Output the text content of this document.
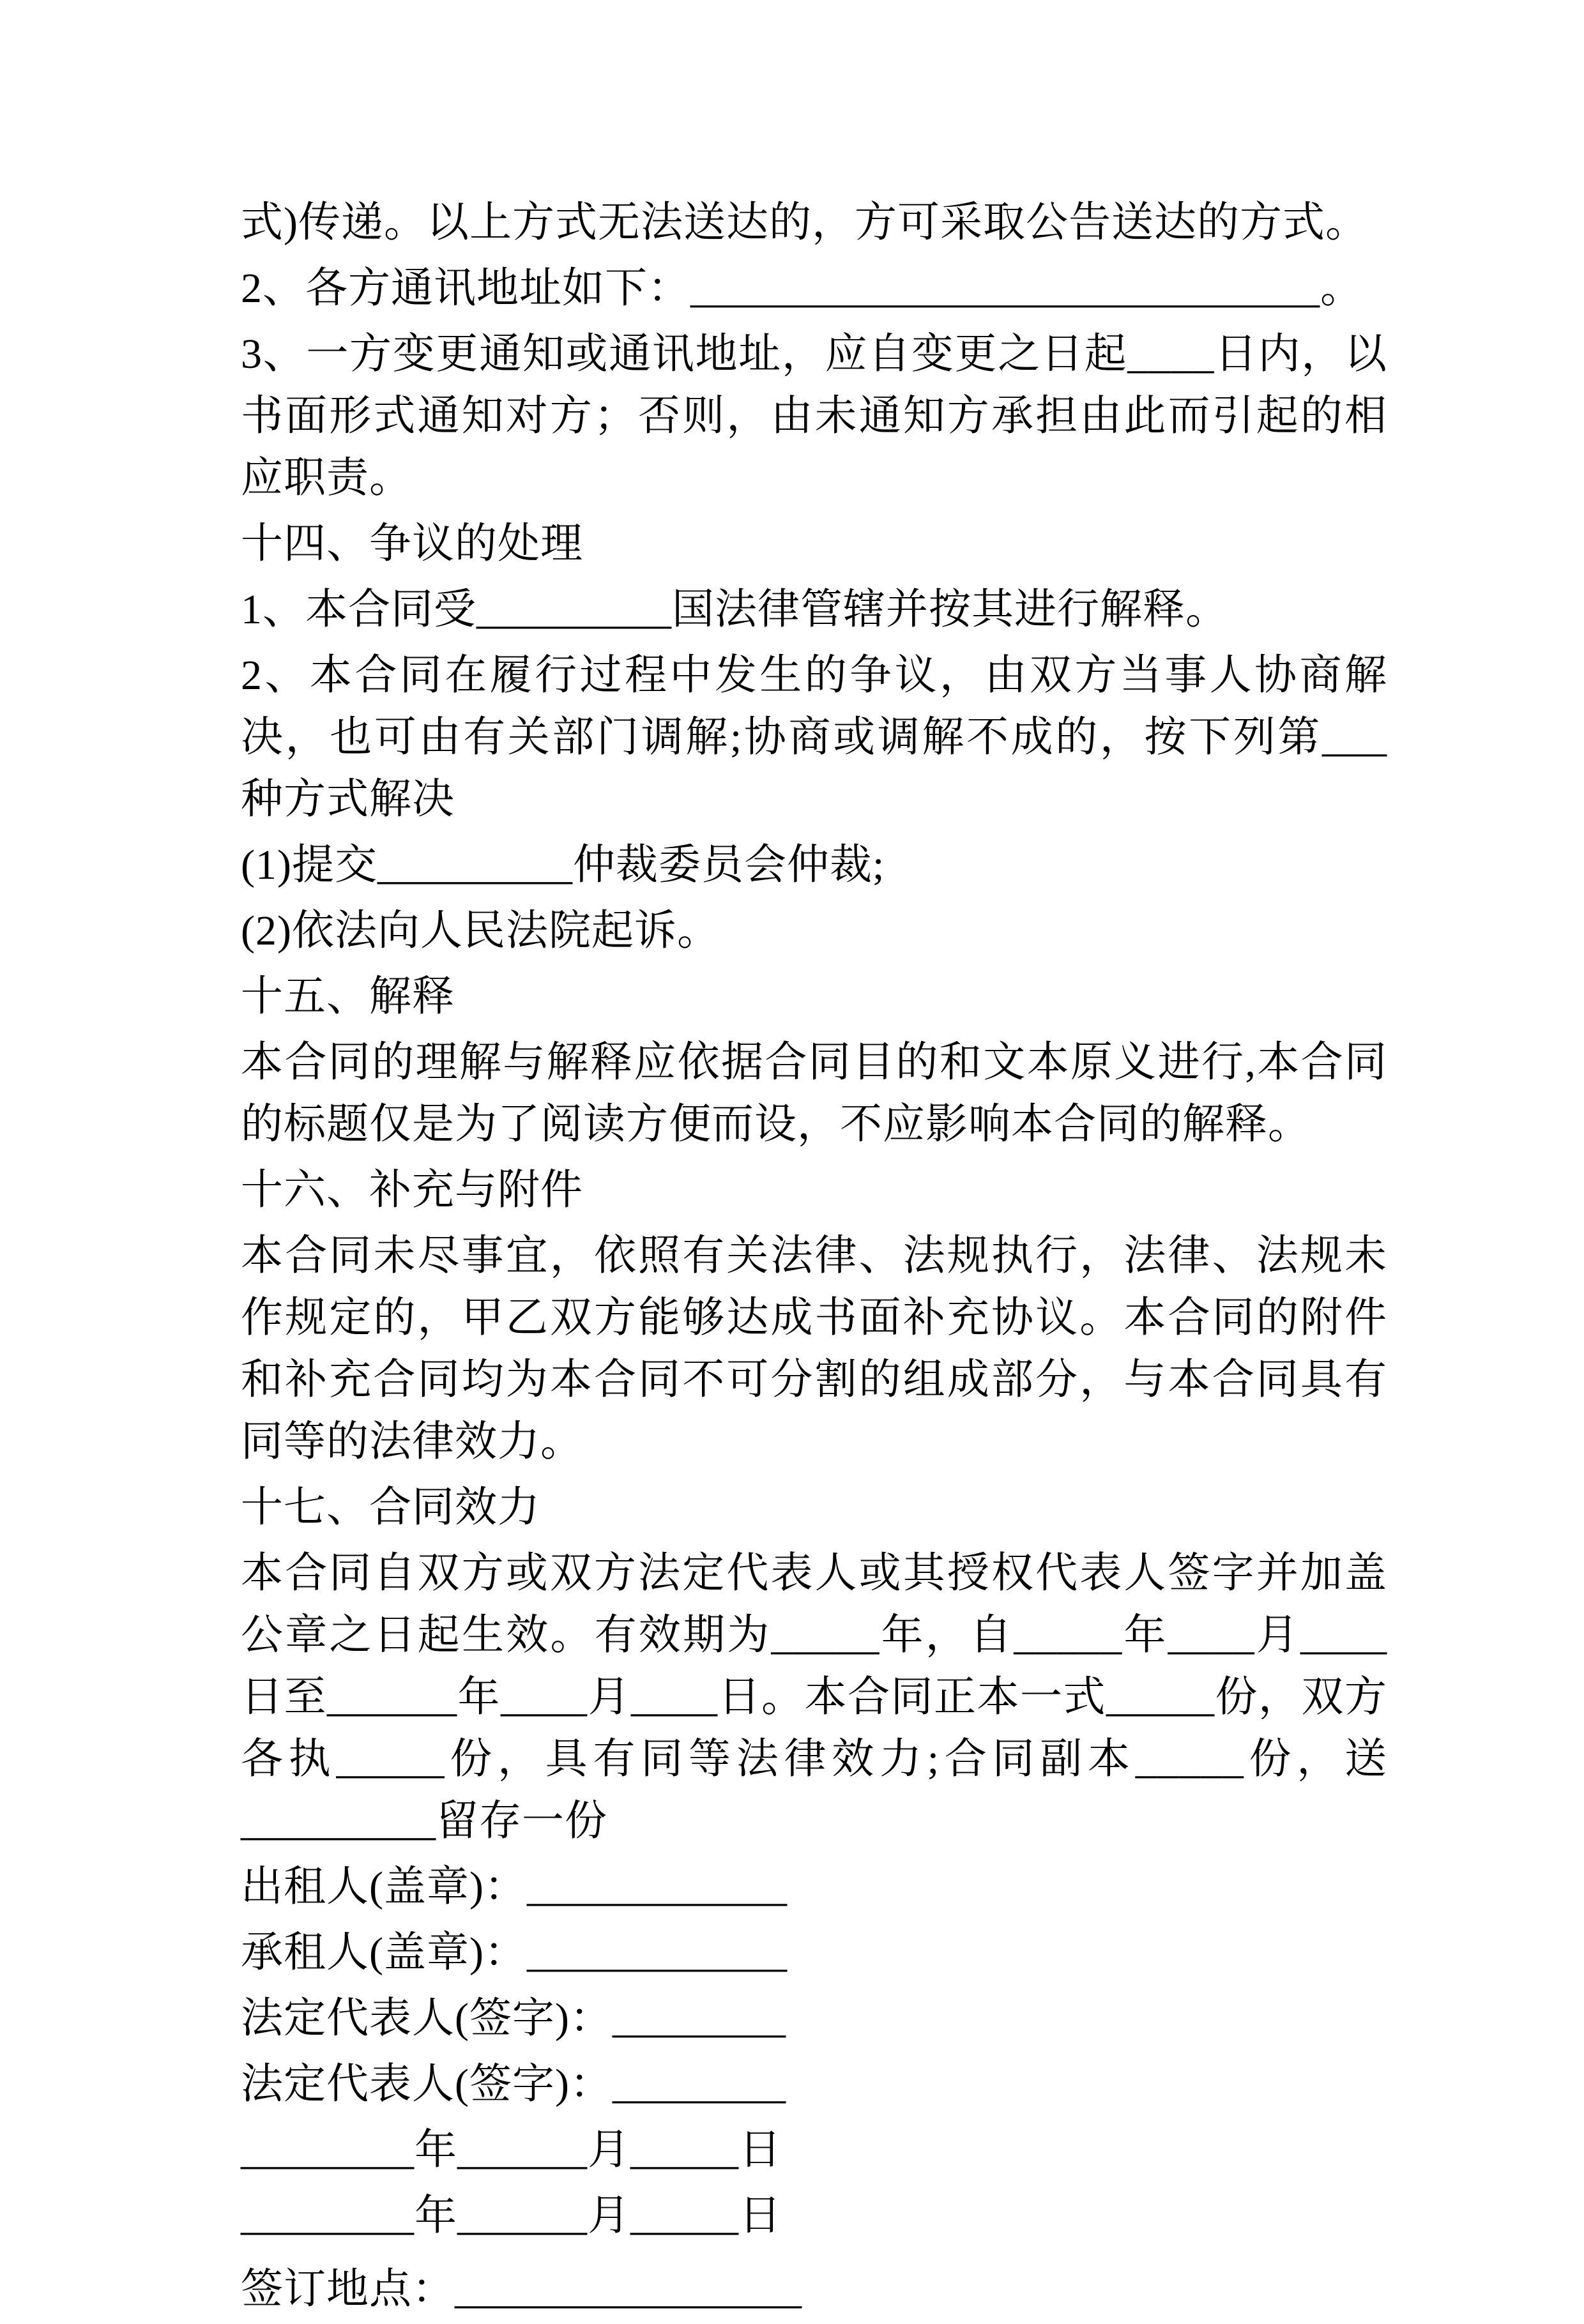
式)传递。以上方式无法送达的，方可采取公告送达的方式。

2、各方通讯地址如下：_____________________________。

3、一方变更通知或通讯地址，应自变更之日起____日内，以书面形式通知对方；否则，由未通知方承担由此而引起的相应职责。

十四、争议的处理

1、本合同受_________国法律管辖并按其进行解释。

2、本合同在履行过程中发生的争议，由双方当事人协商解决，也可由有关部门调解;协商或调解不成的，按下列第___种方式解决

(1)提交_________仲裁委员会仲裁;

(2)依法向人民法院起诉。

十五、解释

本合同的理解与解释应依据合同目的和文本原义进行,本合同的标题仅是为了阅读方便而设，不应影响本合同的解释。

十六、补充与附件

本合同未尽事宜，依照有关法律、法规执行，法律、法规未作规定的，甲乙双方能够达成书面补充协议。本合同的附件和补充合同均为本合同不可分割的组成部分，与本合同具有同等的法律效力。

十七、合同效力

本合同自双方或双方法定代表人或其授权代表人签字并加盖公章之日起生效。有效期为_____年，自_____年____月____日至______年____月____日。本合同正本一式_____份，双方各执_____份，具有同等法律效力;合同副本_____份，送_________留存一份

出租人(盖章)：____________

承租人(盖章)：____________

法定代表人(签字)：________

法定代表人(签字)：________

________年______月_____日

________年______月_____日

签订地点：________________
